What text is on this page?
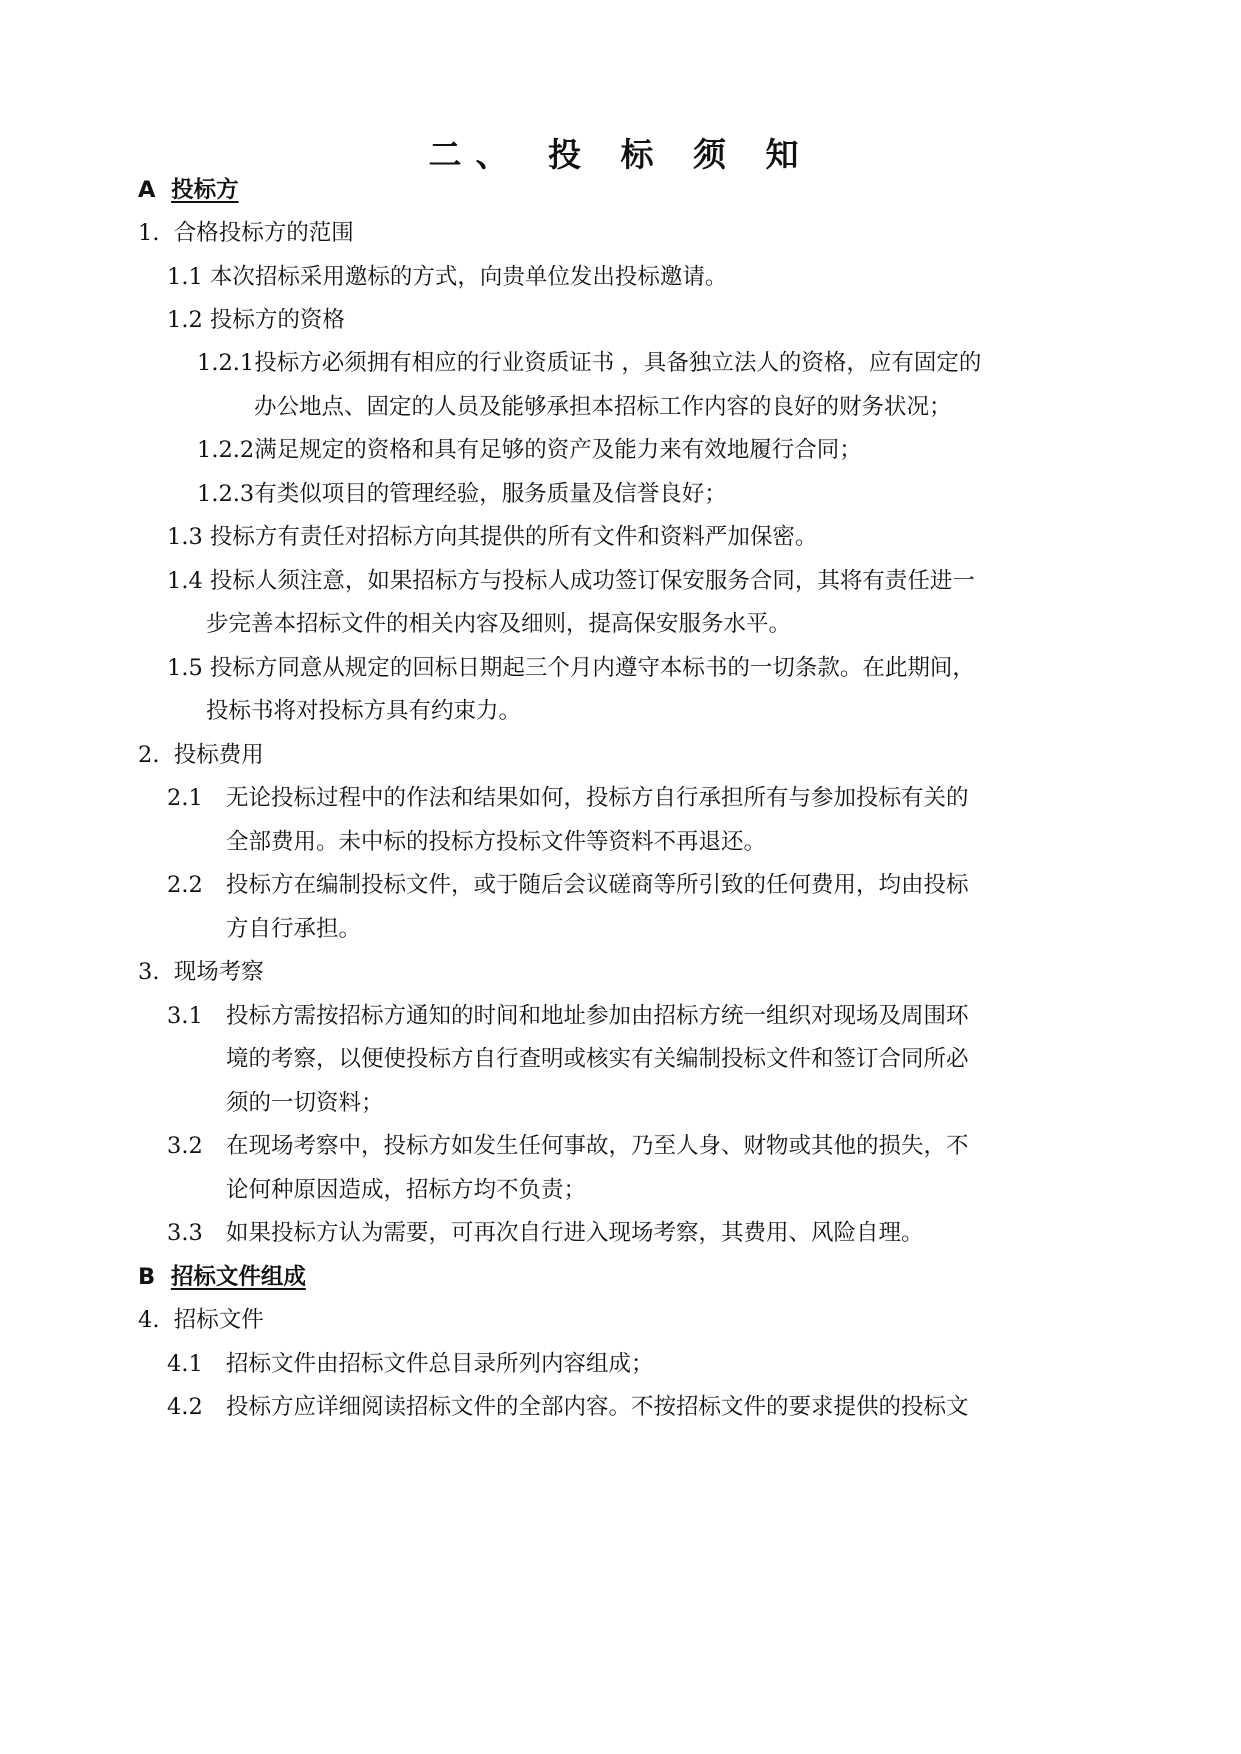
二、 投 标 须 知
A 投标方
1. 合格投标方的范围
1.1 本次招标采用邀标的方式，向贵单位发出投标邀请。
1.2 投标方的资格
1.2.1投标方必须拥有相应的行业资质证书 ，具备独立法人的资格，应有固定的
办公地点、固定的人员及能够承担本招标工作内容的良好的财务状况；
1.2.2满足规定的资格和具有足够的资产及能力来有效地履行合同；
1.2.3有类似项目的管理经验，服务质量及信誉良好；
1.3 投标方有责任对招标方向其提供的所有文件和资料严加保密。
1.4 投标人须注意，如果招标方与投标人成功签订保安服务合同，其将有责任进一
步完善本招标文件的相关内容及细则，提高保安服务水平。
1.5 投标方同意从规定的回标日期起三个月内遵守本标书的一切条款。在此期间，
投标书将对投标方具有约束力。
2. 投标费用
2.1 无论投标过程中的作法和结果如何，投标方自行承担所有与参加投标有关的
全部费用。未中标的投标方投标文件等资料不再退还。
2.2 投标方在编制投标文件，或于随后会议磋商等所引致的任何费用，均由投标
方自行承担。
3. 现场考察
3.1 投标方需按招标方通知的时间和地址参加由招标方统一组织对现场及周围环
境的考察，以便使投标方自行查明或核实有关编制投标文件和签订合同所必
须的一切资料；
3.2 在现场考察中，投标方如发生任何事故，乃至人身、财物或其他的损失，不
论何种原因造成，招标方均不负责；
3.3 如果投标方认为需要，可再次自行进入现场考察，其费用、风险自理。
B 招标文件组成
4. 招标文件
4.1 招标文件由招标文件总目录所列内容组成；
4.2 投标方应详细阅读招标文件的全部内容。不按招标文件的要求提供的投标文
